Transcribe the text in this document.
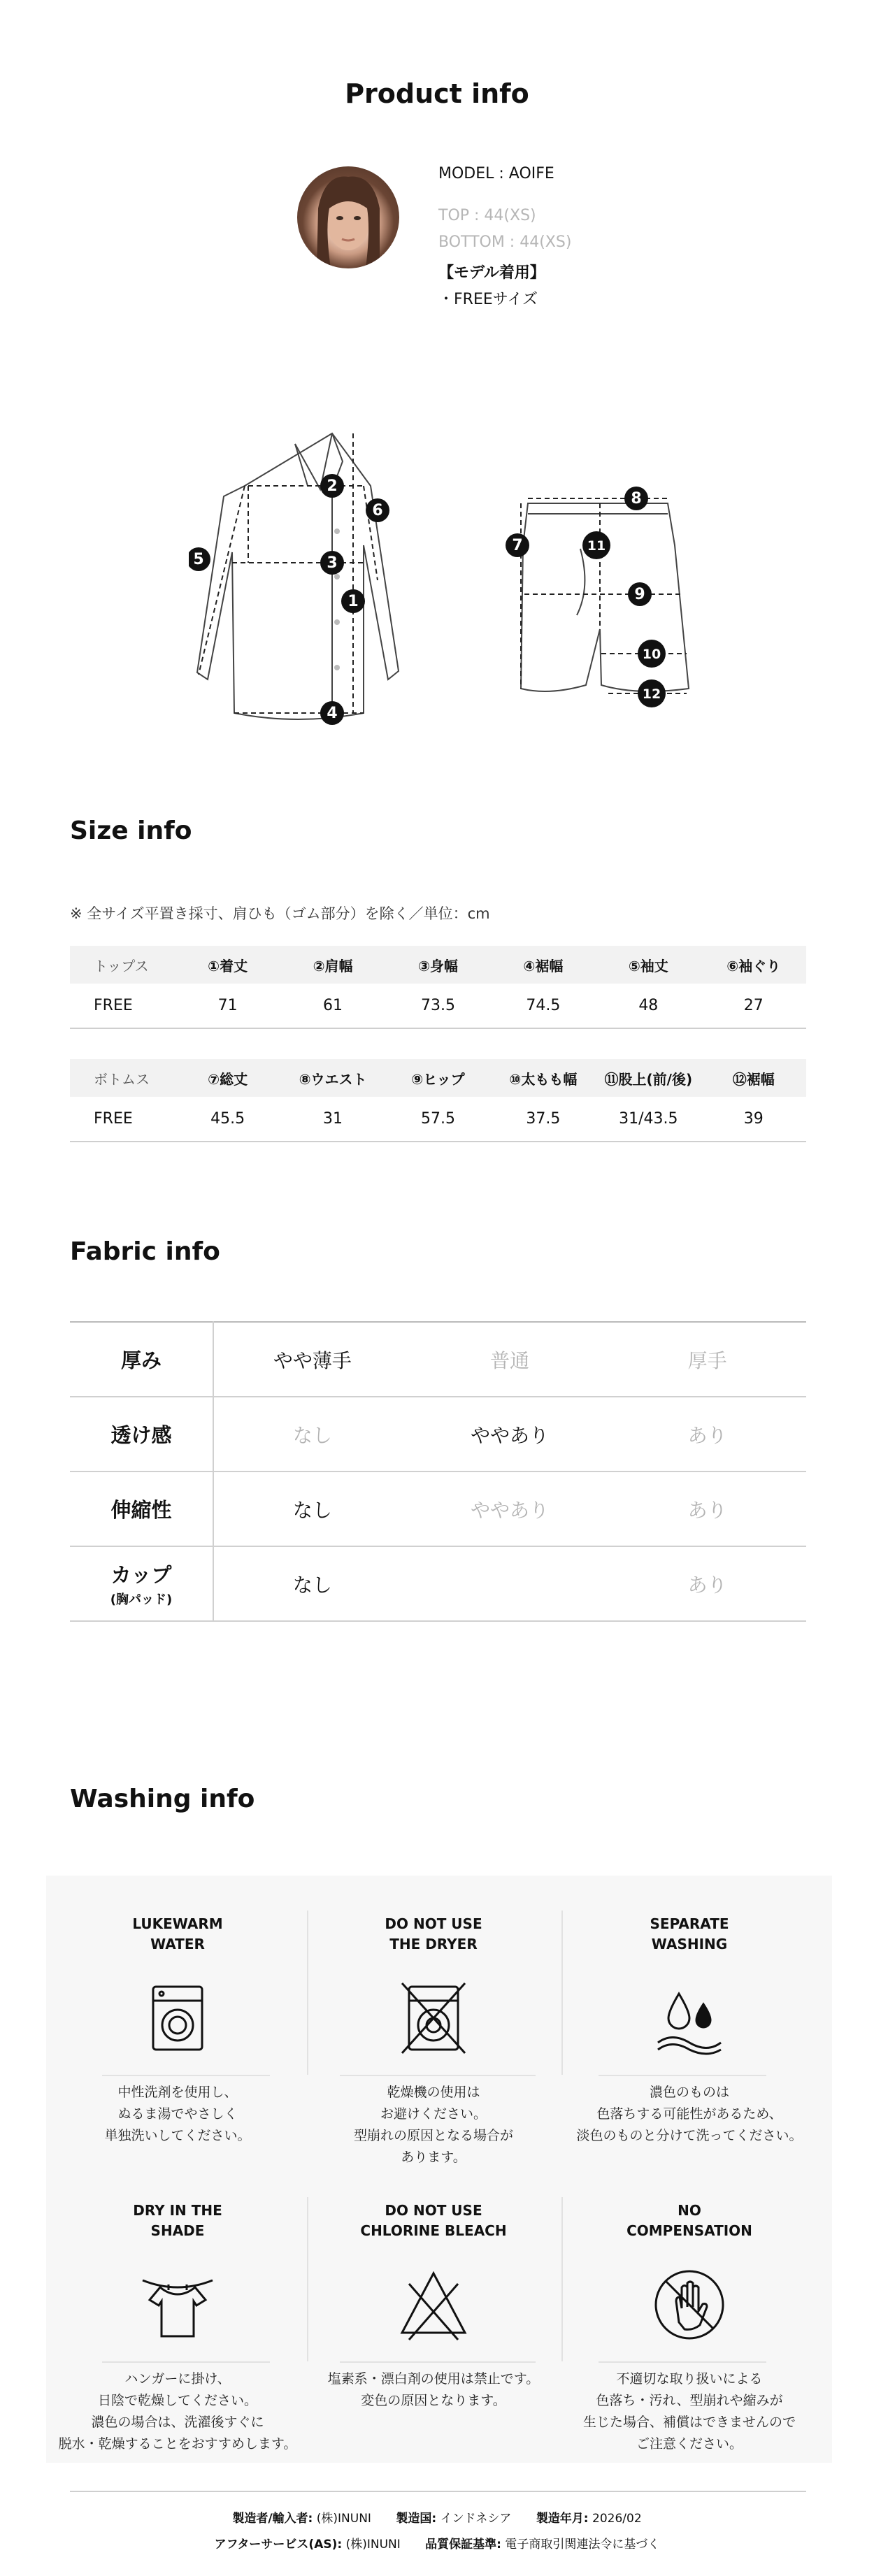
Product info
MODEL : AOIFE
TOP : 44(XS)
BOTTOM : 44(XS)
【モデル着用】
・FREEサイズ
1
2
3
4
5
6
7
8
9
10
11
12
Size info
※ 全サイズ平置き採寸、肩ひも（ゴム部分）を除く／単位：cm
トップス	①着丈	②肩幅	③身幅	④裾幅	⑤袖丈	⑥袖ぐり
FREE	71	61	73.5	74.5	48	27
ボトムス	⑦総丈	⑧ウエスト	⑨ヒップ	⑩太もも幅	⑪股上(前/後)	⑫裾幅
FREE	45.5	31	57.5	37.5	31/43.5	39
Fabric info
厚み	やや薄手	普通	厚手
透け感	なし	ややあり	あり
伸縮性	なし	ややあり	あり
カップ
(胸パッド)	なし		あり
Washing info
LUKEWARM
WATER
中性洗剤を使用し、
ぬるま湯でやさしく
単独洗いしてください。
DO NOT USE
THE DRYER
乾燥機の使用は
お避けください。
型崩れの原因となる場合が
あります。
SEPARATE
WASHING
濃色のものは
色落ちする可能性があるため、
淡色のものと分けて洗ってください。
DRY IN THE
SHADE
ハンガーに掛け、
日陰で乾燥してください。
濃色の場合は、洗濯後すぐに
脱水・乾燥することをおすすめします。
DO NOT USE
CHLORINE BLEACH
塩素系・漂白剤の使用は禁止です。
変色の原因となります。
NO
COMPENSATION
不適切な取り扱いによる
色落ち・汚れ、型崩れや縮みが
生じた場合、補償はできませんので
ご注意ください。
製造者/輸入者: (株)INUNI 製造国: インドネシア 製造年月: 2026/02
アフターサービス(AS): (株)INUNI 品質保証基準: 電子商取引関連法令に基づく
